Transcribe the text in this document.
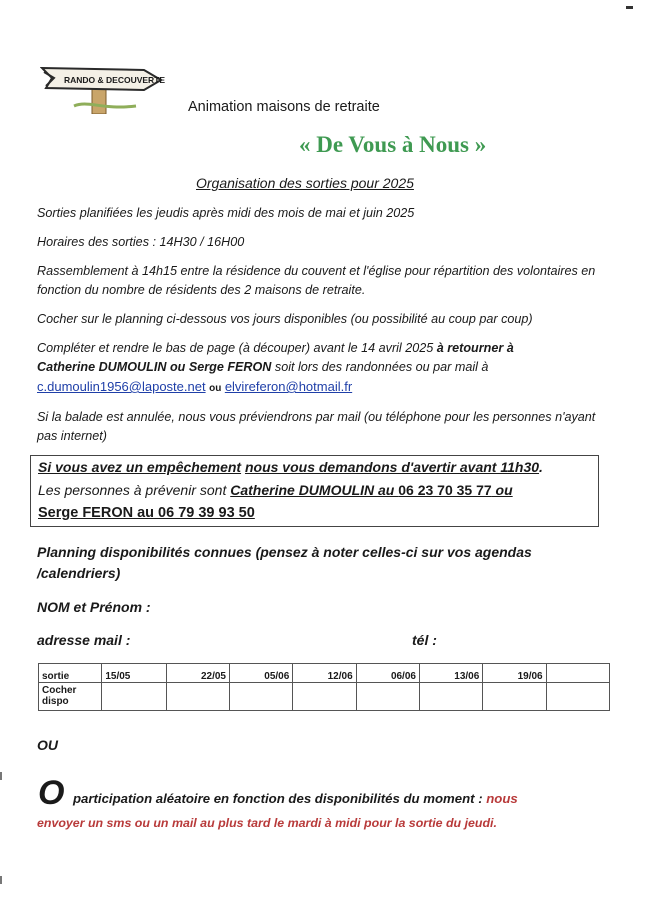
RANDO & DECOUVERTE
Animation maisons de retraite
« De Vous à Nous »
Organisation des sorties pour 2025
Sorties planifiées les jeudis après midi des mois de mai et juin 2025
Horaires des sorties : 14H30 / 16H00
Rassemblement à 14h15 entre la résidence du couvent et l'église pour répartition des volontaires en fonction du nombre de résidents des 2 maisons de retraite.
Cocher sur le planning ci-dessous vos jours disponibles (ou possibilité au coup par coup)
Compléter et rendre le bas de page (à découper) avant le 14 avril 2025 à retourner à
Catherine DUMOULIN ou Serge FERON soit lors des randonnées ou par mail à
c.dumoulin1956@laposte.net ou elvireferon@hotmail.fr
Si la balade est annulée, nous vous préviendrons par mail (ou téléphone pour les personnes n'ayant pas internet)
Si vous avez un empêchement nous vous demandons d'avertir avant 11h30.
Les personnes à prévenir sont Catherine DUMOULIN au 06 23 70 35 77 ou
Serge FERON au 06 79 39 93 50
Planning disponibilités connues (pensez à noter celles-ci sur vos agendas /calendriers)
NOM et Prénom :
adresse mail :	tél :
sortie	15/05	22/05	05/06	12/06	06/06	13/06	19/06	
Cocher dispo								
OU
O participation aléatoire en fonction des disponibilités du moment : nous
envoyer un sms ou un mail au plus tard le mardi à midi pour la sortie du jeudi.
